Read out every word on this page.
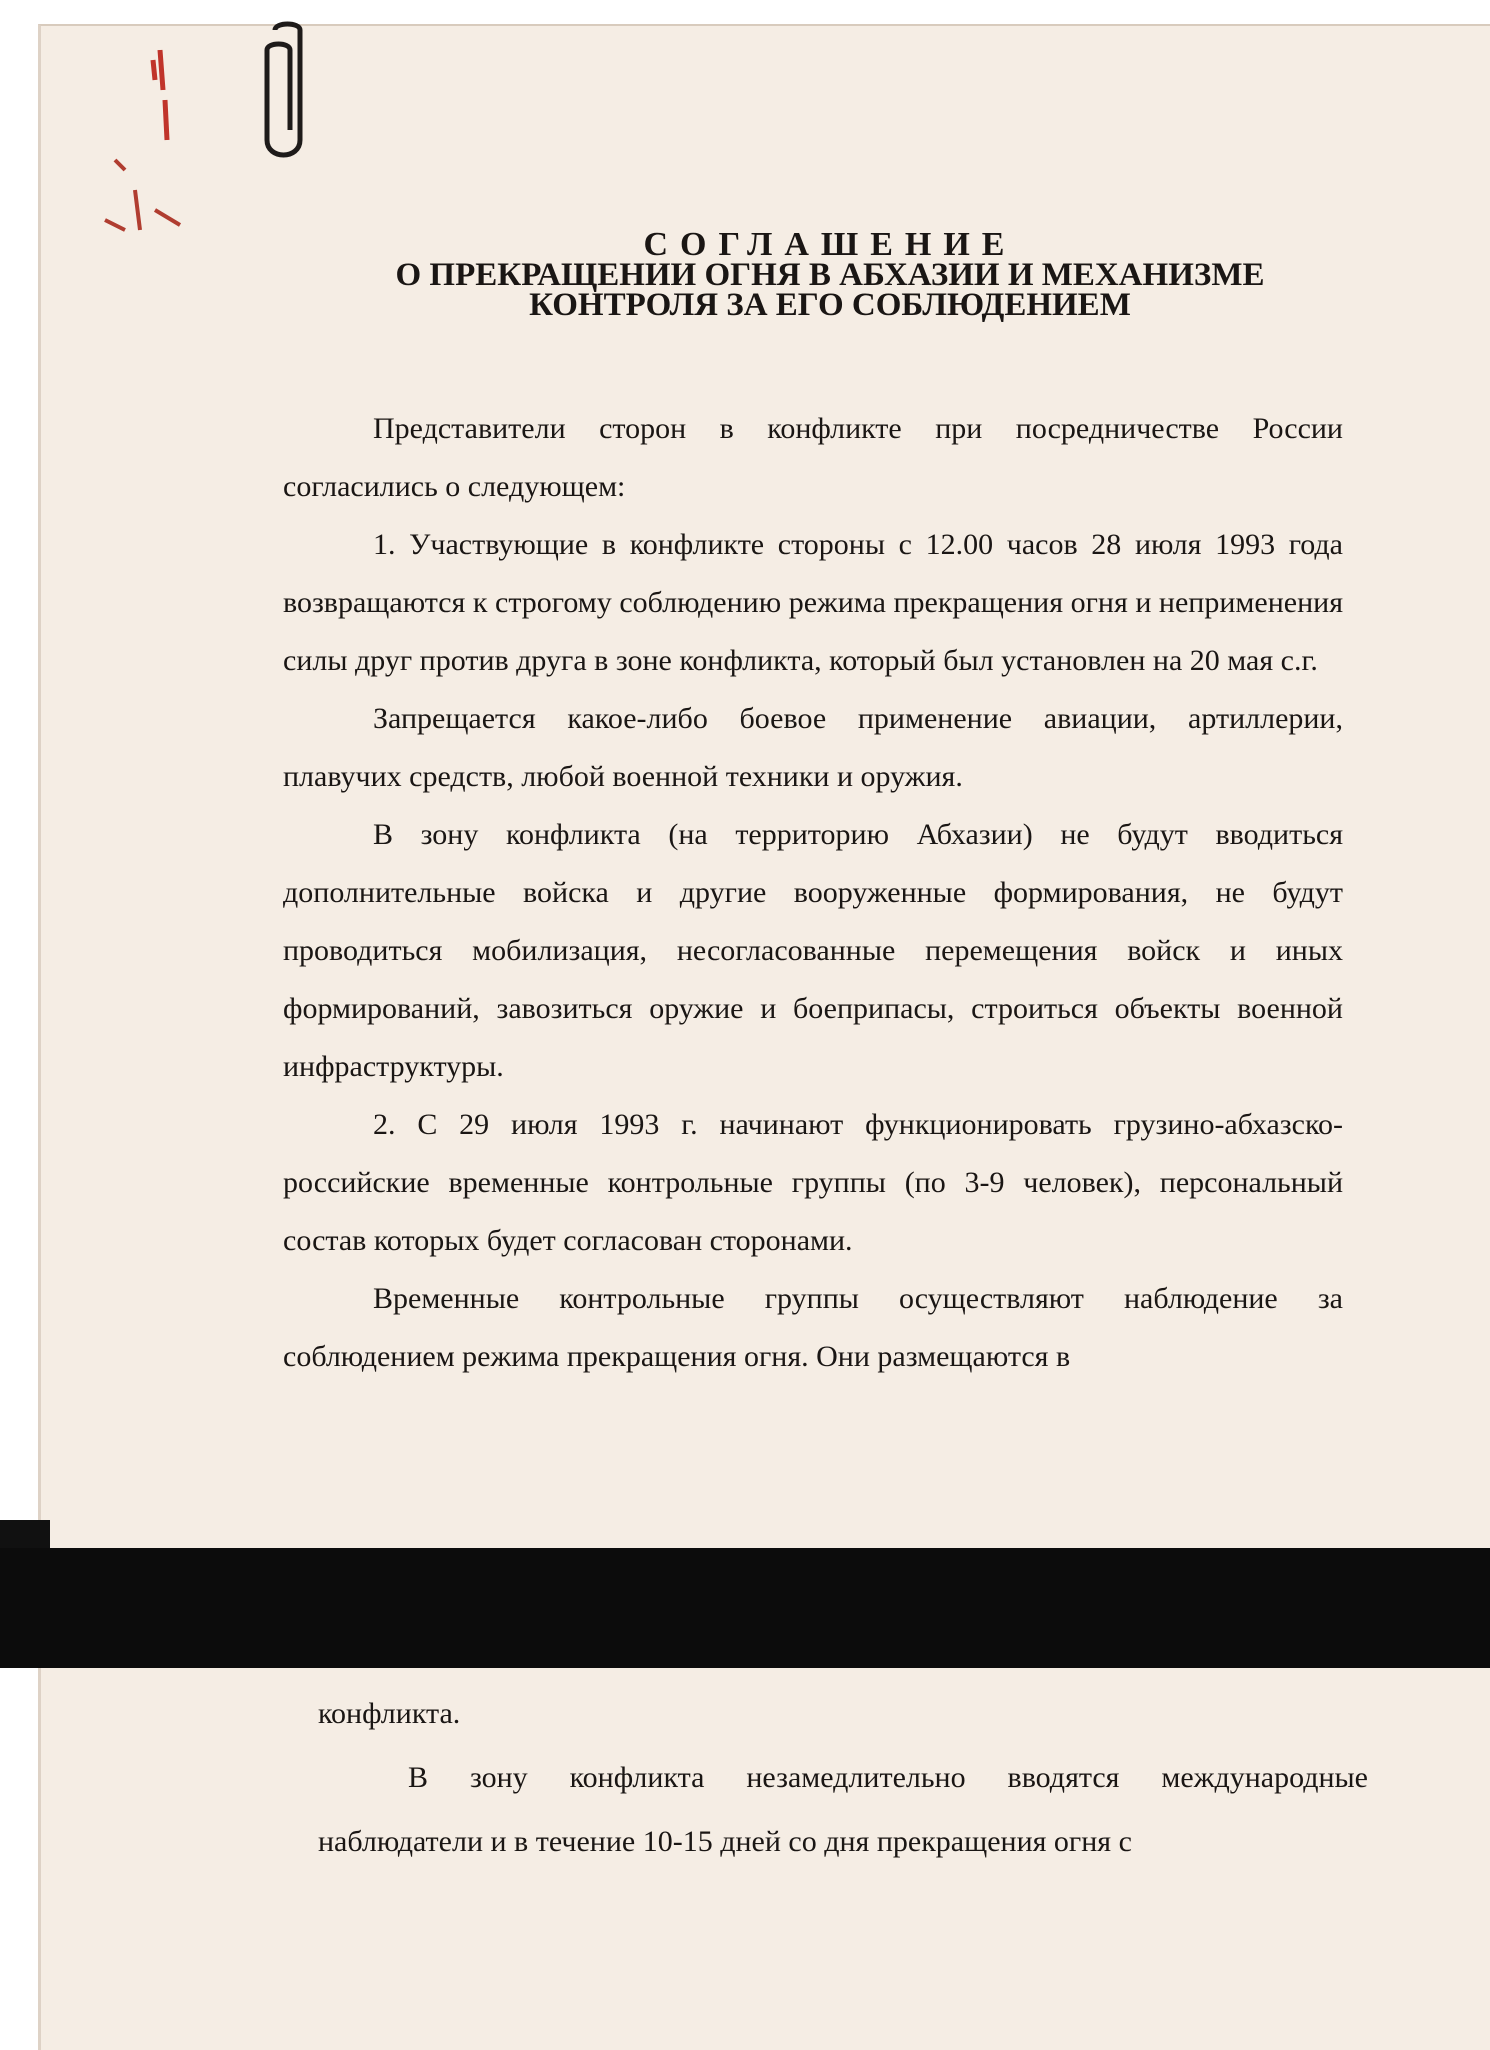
СОГЛАШЕНИЕ
О ПРЕКРАЩЕНИИ ОГНЯ В АБХАЗИИ И МЕХАНИЗМЕ
КОНТРОЛЯ ЗА ЕГО СОБЛЮДЕНИЕМ

Представители сторон в конфликте при посредничестве России согласились о следующем:

1. Участвующие в конфликте стороны с 12.00 часов 28 июля 1993 года возвращаются к строгому соблюдению режима прекращения огня и неприменения силы друг против друга в зоне конфликта, который был установлен на 20 мая с.г.

Запрещается какое-либо боевое применение авиации, артиллерии, плавучих средств, любой военной техники и оружия.

В зону конфликта (на территорию Абхазии) не будут вводиться дополнительные войска и другие вооруженные формирования, не будут проводиться мобилизация, несогласованные перемещения войск и иных формирований, завозиться оружие и боеприпасы, строиться объекты военной инфраструктуры.

2. С 29 июля 1993 г. начинают функционировать грузино-абхазско-российские временные контрольные группы (по 3-9 человек), персональный состав которых будет согласован сторонами.

Временные контрольные группы осуществляют наблюдение за соблюдением режима прекращения огня. Они размещаются в

конфликта.

В зону конфликта незамедлительно вводятся международные наблюдатели и в течение 10-15 дней со дня прекращения огня с
